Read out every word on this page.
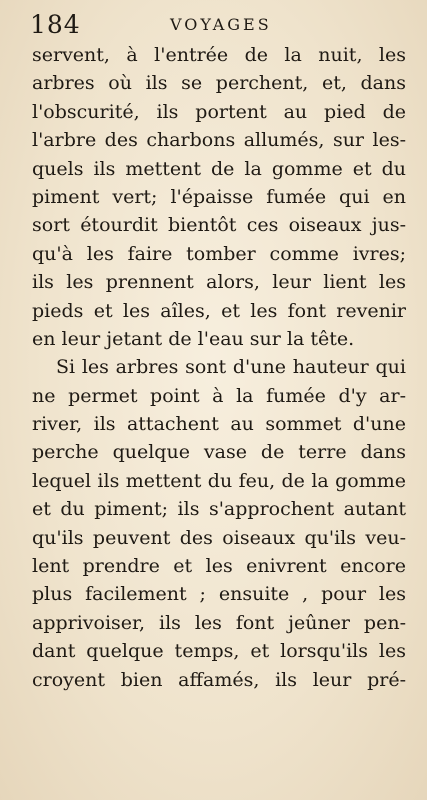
184	VOYAGES
servent, à l'entrée de la nuit, les
arbres où ils se perchent, et, dans
l'obscurité, ils portent au pied de
l'arbre des charbons allumés, sur les-
quels ils mettent de la gomme et du
piment vert; l'épaisse fumée qui en
sort étourdit bientôt ces oiseaux jus-
qu'à les faire tomber comme ivres;
ils les prennent alors, leur lient les
pieds et les aîles, et les font revenir
en leur jetant de l'eau sur la tête.
Si les arbres sont d'une hauteur qui
ne permet point à la fumée d'y ar-
river, ils attachent au sommet d'une
perche quelque vase de terre dans
lequel ils mettent du feu, de la gomme
et du piment; ils s'approchent autant
qu'ils peuvent des oiseaux qu'ils veu-
lent prendre et les enivrent encore
plus facilement ; ensuite , pour les
apprivoiser, ils les font jeûner pen-
dant quelque temps, et lorsqu'ils les
croyent bien affamés, ils leur pré-
